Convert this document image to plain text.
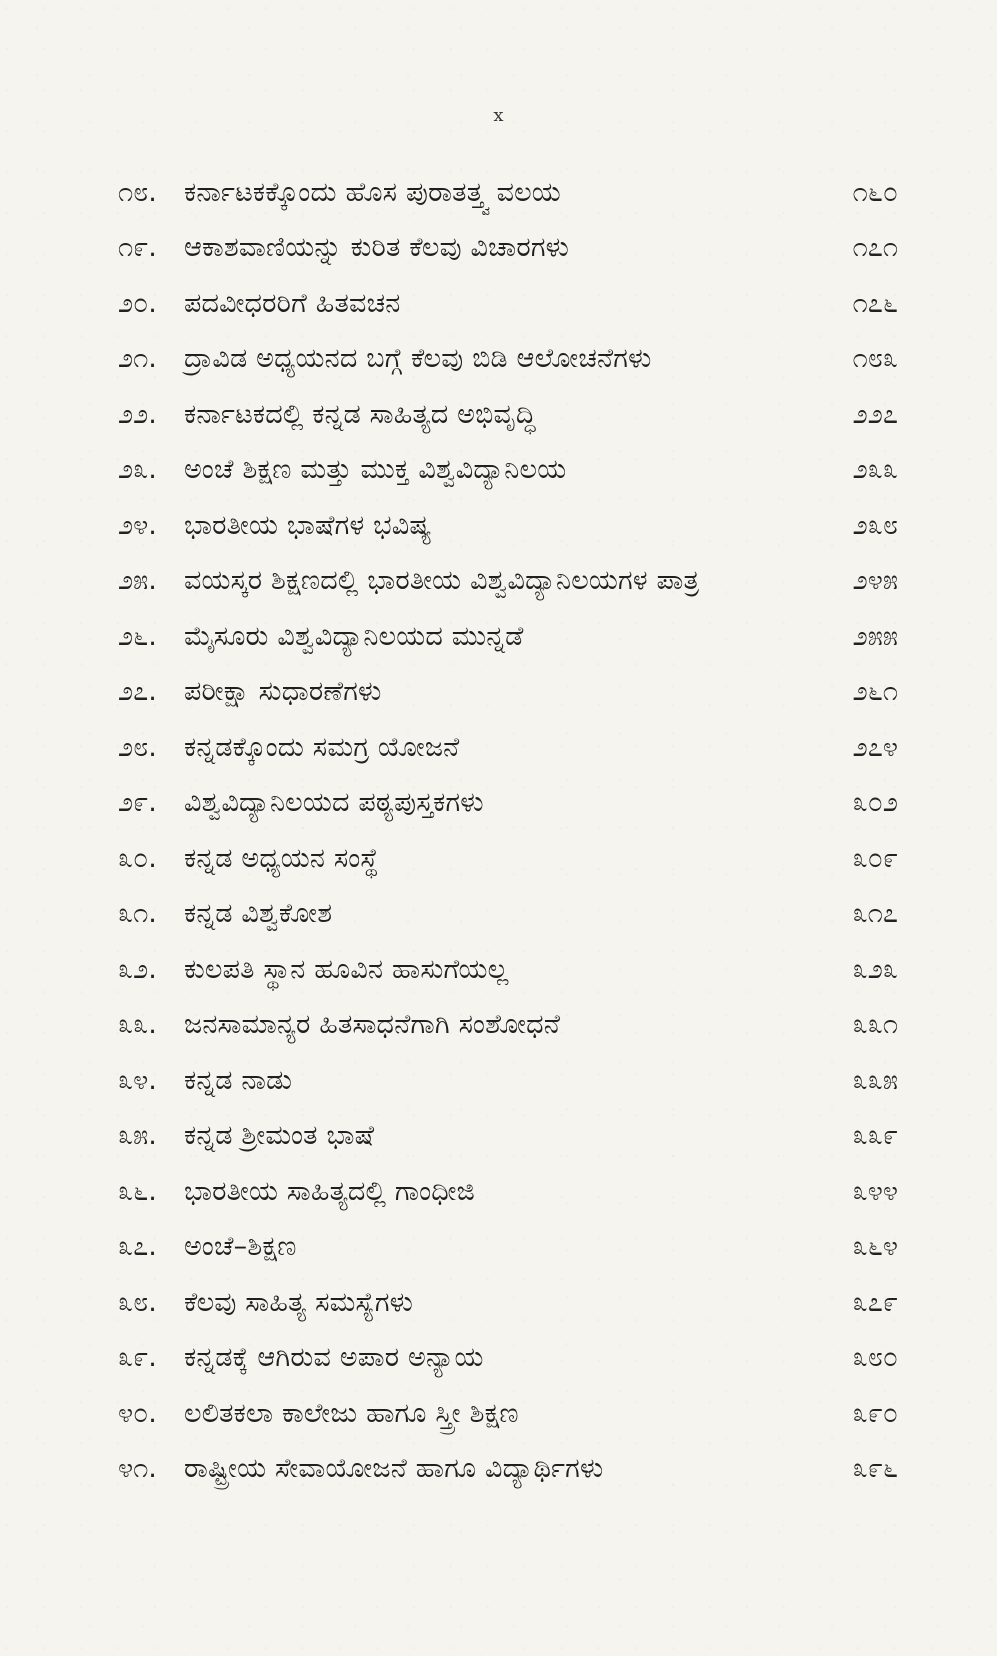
x
೧೮.	ಕರ್ನಾಟಕಕ್ಕೊಂದು ಹೊಸ ಪುರಾತತ್ತ್ವ ವಲಯ	೧೬೦
೧೯.	ಆಕಾಶವಾಣಿಯನ್ನು ಕುರಿತ ಕೆಲವು ವಿಚಾರಗಳು	೧೭೧
೨೦.	ಪದವೀಧರರಿಗೆ ಹಿತವಚನ	೧೭೬
೨೧.	ದ್ರಾವಿಡ ಅಧ್ಯಯನದ ಬಗ್ಗೆ ಕೆಲವು ಬಿಡಿ ಆಲೋಚನೆಗಳು	೧೮೩
೨೨.	ಕರ್ನಾಟಕದಲ್ಲಿ ಕನ್ನಡ ಸಾಹಿತ್ಯದ ಅಭಿವೃದ್ಧಿ	೨೨೭
೨೩.	ಅಂಚೆ ಶಿಕ್ಷಣ ಮತ್ತು ಮುಕ್ತ ವಿಶ್ವವಿದ್ಯಾನಿಲಯ	೨೩೩
೨೪.	ಭಾರತೀಯ ಭಾಷೆಗಳ ಭವಿಷ್ಯ	೨೩೮
೨೫.	ವಯಸ್ಕರ ಶಿಕ್ಷಣದಲ್ಲಿ ಭಾರತೀಯ ವಿಶ್ವವಿದ್ಯಾನಿಲಯಗಳ ಪಾತ್ರ	೨೪೫
೨೬.	ಮೈಸೂರು ವಿಶ್ವವಿದ್ಯಾನಿಲಯದ ಮುನ್ನಡೆ	೨೫೫
೨೭.	ಪರೀಕ್ಷಾ ಸುಧಾರಣೆಗಳು	೨೬೧
೨೮.	ಕನ್ನಡಕ್ಕೊಂದು ಸಮಗ್ರ ಯೋಜನೆ	೨೭೪
೨೯.	ವಿಶ್ವವಿದ್ಯಾನಿಲಯದ ಪಠ್ಯಪುಸ್ತಕಗಳು	೩೦೨
೩೦.	ಕನ್ನಡ ಅಧ್ಯಯನ ಸಂಸ್ಥೆ	೩೦೯
೩೧.	ಕನ್ನಡ ವಿಶ್ವಕೋಶ	೩೧೭
೩೨.	ಕುಲಪತಿ ಸ್ಥಾನ ಹೂವಿನ ಹಾಸುಗೆಯಲ್ಲ	೩೨೩
೩೩.	ಜನಸಾಮಾನ್ಯರ ಹಿತಸಾಧನೆಗಾಗಿ ಸಂಶೋಧನೆ	೩೩೧
೩೪.	ಕನ್ನಡ ನಾಡು	೩೩೫
೩೫.	ಕನ್ನಡ ಶ್ರೀಮಂತ ಭಾಷೆ	೩೩೯
೩೬.	ಭಾರತೀಯ ಸಾಹಿತ್ಯದಲ್ಲಿ ಗಾಂಧೀಜಿ	೩೪೪
೩೭.	ಅಂಚೆ–ಶಿಕ್ಷಣ	೩೬೪
೩೮.	ಕೆಲವು ಸಾಹಿತ್ಯ ಸಮಸ್ಯೆಗಳು	೩೭೯
೩೯.	ಕನ್ನಡಕ್ಕೆ ಆಗಿರುವ ಅಪಾರ ಅನ್ಯಾಯ	೩೮೦
೪೦.	ಲಲಿತಕಲಾ ಕಾಲೇಜು ಹಾಗೂ ಸ್ತ್ರೀ ಶಿಕ್ಷಣ	೩೯೦
೪೧.	ರಾಷ್ಟ್ರೀಯ ಸೇವಾಯೋಜನೆ ಹಾಗೂ ವಿದ್ಯಾರ್ಥಿಗಳು	೩೯೬
